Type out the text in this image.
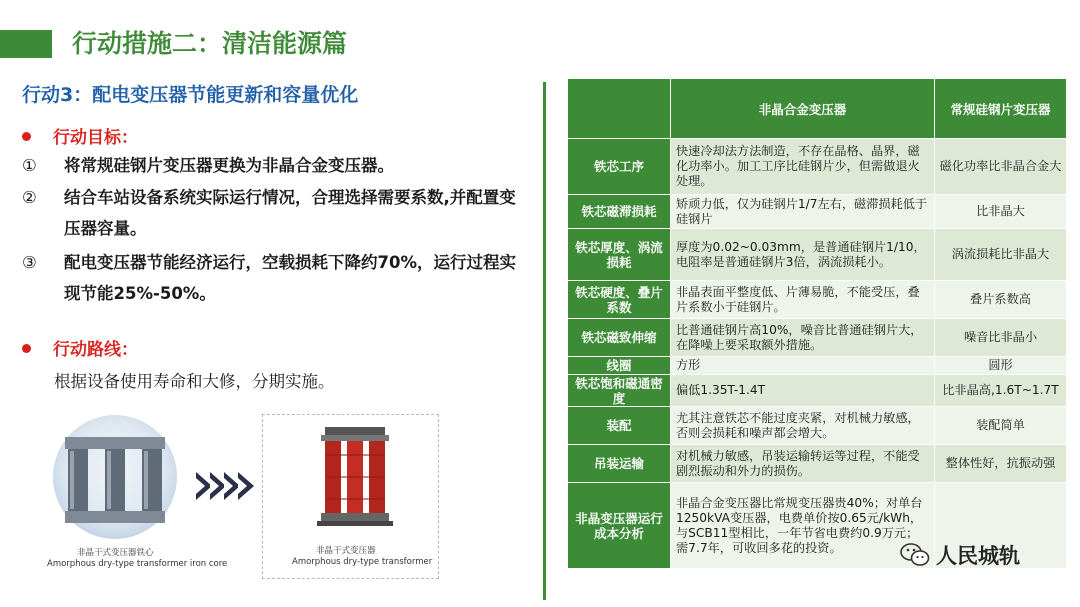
行动措施二：清洁能源篇
行动3：配电变压器节能更新和容量优化
行动目标：
① 将常规硅钢片变压器更换为非晶合金变压器。
② 结合车站设备系统实际运行情况，合理选择需要系数,并配置变压器容量。
③ 配电变压器节能经济运行，空载损耗下降约70%，运行过程实现节能25%-50%。
行动路线：
根据设备使用寿命和大修，分期实施。
非晶干式变压器铁心
Amorphous dry-type transformer iron core
非晶干式变压器
Amorphous dry-type transformer
	非晶合金变压器	常规硅钢片变压器
铁芯工序	快速冷却法方法制造，不存在晶格、晶界，磁化功率小。加工工序比硅钢片少，但需做退火处理。	磁化功率比非晶合金大
铁芯磁滞损耗	矫顽力低，仅为硅钢片1/7左右，磁滞损耗低于硅钢片	比非晶大
铁芯厚度、涡流损耗	厚度为0.02~0.03mm，是普通硅钢片1/10，电阻率是普通硅钢片3倍，涡流损耗小。	涡流损耗比非晶大
铁芯硬度、叠片系数	非晶表面平整度低、片薄易脆，不能受压，叠片系数小于硅钢片。	叠片系数高
铁芯磁致伸缩	比普通硅钢片高10%，噪音比普通硅钢片大，在降噪上要采取额外措施。	噪音比非晶小
线圈	方形	圆形
铁芯饱和磁通密度	偏低1.35T-1.4T	比非晶高,1.6T~1.7T
装配	尤其注意铁芯不能过度夹紧，对机械力敏感，否则会损耗和噪声都会增大。	装配简单
吊装运输	对机械力敏感，吊装运输转运等过程，不能受剧烈振动和外力的损伤。	整体性好，抗振动强
非晶变压器运行成本分析	非晶合金变压器比常规变压器贵40%；对单台1250kVA变压器，电费单价按0.65元/kWh，与SCB11型相比，一年节省电费约0.9万元；需7.7年，可收回多花的投资。		人民城轨
